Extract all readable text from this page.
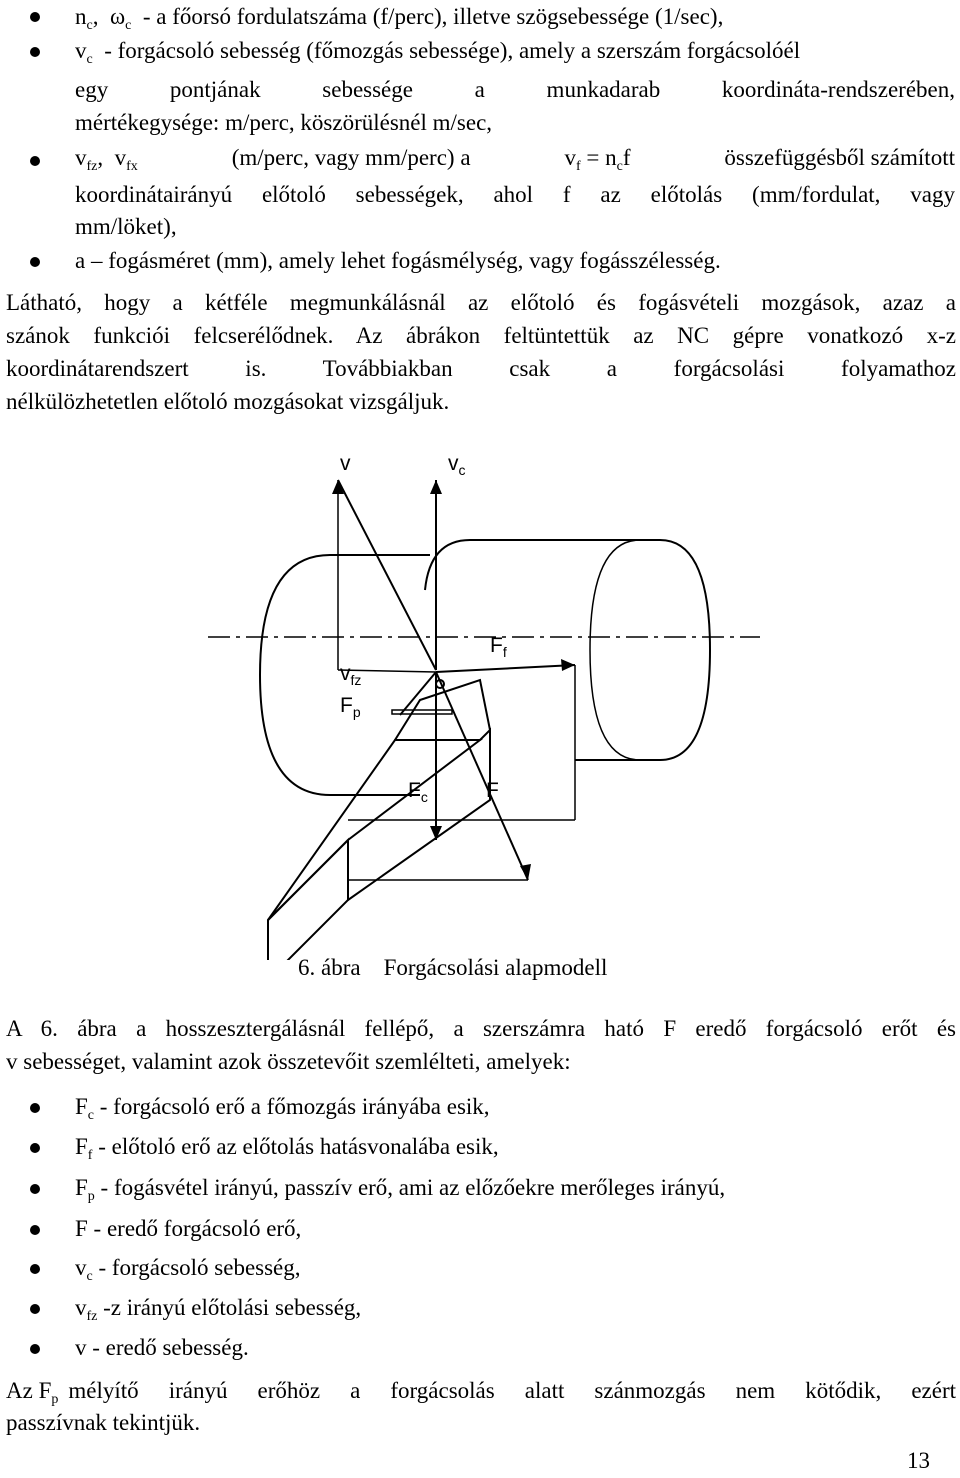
$n_c$,  $\omega_c$ - a főorsó fordulatszáma (f/perc), illetve szögsebessége (1/sec),
$v_c$ - forgácsoló sebesség (főmozgás sebessége), amely a szerszám forgácsolóél
egy pontjának sebessége a munkadarab koordináta-rendszerében,
mértékegysége: m/perc, köszörülésnél m/sec,
$v_{fz}$,  $v_{fx}$	(m/perc, vagy mm/perc) a	$v_f = n_cf$	összefüggésből számított
koordinátairányú előtoló sebességek, ahol f az előtolás (mm/fordulat, vagy
mm/löket),
a – fogásméret (mm), amely lehet fogásmélység, vagy fogásszélesség.
Látható, hogy a kétféle megmunkálásnál az előtoló és fogásvételi mozgások, azaz a
szánok funkciói felcserélődnek. Az ábrákon feltüntettük az NC gépre vonatkozó x-z
koordinátarendszert is. Továbbiakban csak a forgácsolási folyamathoz
nélkülözhetetlen előtoló mozgásokat vizsgáljuk.
v	$v_c$
$F_f$
$v_{fz}$
$F_p$
$F_c$	F
6. ábra    Forgácsolási alapmodell
A 6. ábra a hosszesztergálásnál fellépő, a szerszámra ható F eredő forgácsoló erőt és
v sebességet, valamint azok összetevőit szemlélteti, amelyek:
$F_c$ - forgácsoló erő a főmozgás irányába esik,
$F_f$ - előtoló erő az előtolás hatásvonalába esik,
$F_p$ - fogásvétel irányú, passzív erő, ami az előzőekre merőleges irányú,
F - eredő forgácsoló erő,
$v_c$ - forgácsoló sebesség,
$v_{fz}$ -z irányú előtolási sebesség,
v - eredő sebesség.
Az $F_p$ mélyítő irányú erőhöz a forgácsolás alatt szánmozgás nem kötődik, ezért
passzívnak tekintjük.
13
